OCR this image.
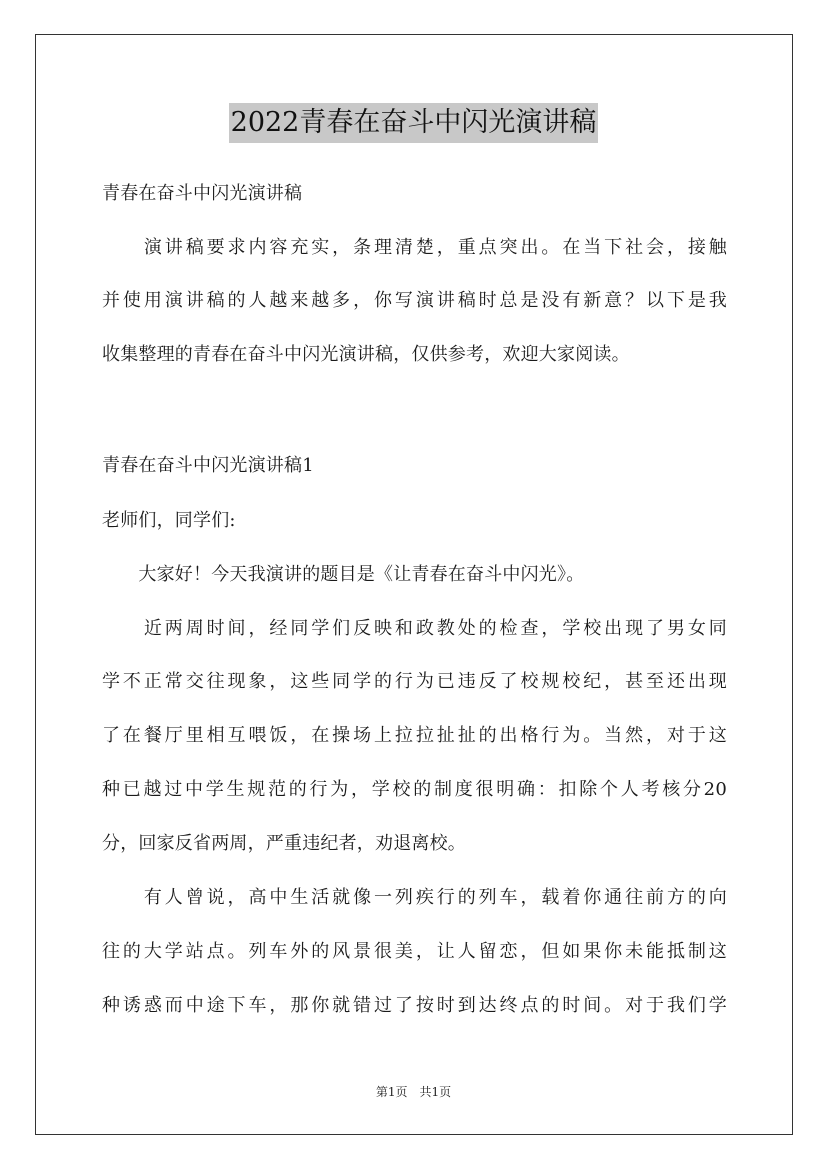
2022青春在奋斗中闪光演讲稿
青春在奋斗中闪光演讲稿
　　演讲稿要求内容充实，条理清楚，重点突出。在当下社会，接触
并使用演讲稿的人越来越多，你写演讲稿时总是没有新意？以下是我
收集整理的青春在奋斗中闪光演讲稿，仅供参考，欢迎大家阅读。
青春在奋斗中闪光演讲稿1
老师们，同学们:
　　大家好！今天我演讲的题目是《让青春在奋斗中闪光》。
　　近两周时间，经同学们反映和政教处的检查，学校出现了男女同
学不正常交往现象，这些同学的行为已违反了校规校纪，甚至还出现
了在餐厅里相互喂饭，在操场上拉拉扯扯的出格行为。当然，对于这
种已越过中学生规范的行为，学校的制度很明确：扣除个人考核分20
分，回家反省两周，严重违纪者，劝退离校。
　　有人曾说，高中生活就像一列疾行的列车，载着你通往前方的向
往的大学站点。列车外的风景很美，让人留恋，但如果你未能抵制这
种诱惑而中途下车，那你就错过了按时到达终点的时间。对于我们学
第1页　共1页
